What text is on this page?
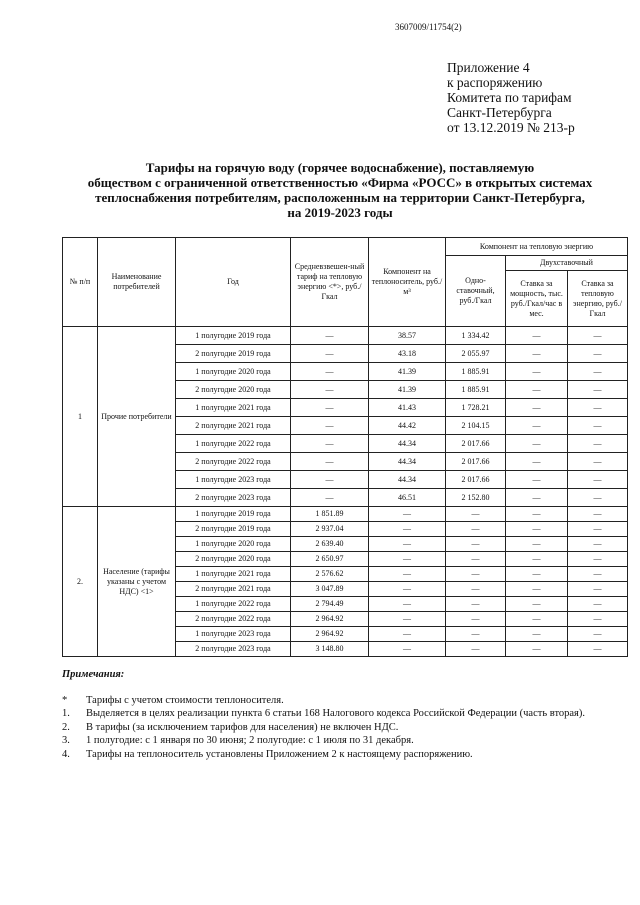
3607009/11754(2)
Приложение 4
к распоряжению
Комитета по тарифам
Санкт-Петербурга
от 13.12.2019 № 213-р
Тарифы на горячую воду (горячее водоснабжение), поставляемую
обществом с ограниченной ответственностью «Фирма «РОСС» в открытых системах
теплоснабжения потребителям, расположенным на территории Санкт-Петербурга,
на 2019-2023 годы
№ п/п	Наименование потребителей	Год	Средневзвешен-ный тариф на тепловую энергию <*>, руб./Гкал	Компонент на теплоноситель, руб./м³	Компонент на тепловую энергию		
					Одно-ставочный, руб./Гкал	Двухставочный	
						Ставка за мощность, тыс. руб./Гкал/час в мес.	Ставка за тепловую энергию, руб./Гкал
1	Прочие потребители	1 полугодие 2019 года	—	38.57	1 334.42	—	—
		2 полугодие 2019 года	—	43.18	2 055.97	—	—
		1 полугодие 2020 года	—	41.39	1 885.91	—	—
		2 полугодие 2020 года	—	41.39	1 885.91	—	—
		1 полугодие 2021 года	—	41.43	1 728.21	—	—
		2 полугодие 2021 года	—	44.42	2 104.15	—	—
		1 полугодие 2022 года	—	44.34	2 017.66	—	—
		2 полугодие 2022 года	—	44.34	2 017.66	—	—
		1 полугодие 2023 года	—	44.34	2 017.66	—	—
		2 полугодие 2023 года	—	46.51	2 152.80	—	—
2.	Население (тарифы указаны с учетом НДС) <1>	1 полугодие 2019 года	1 851.89	—	—	—	—
		2 полугодие 2019 года	2 937.04	—	—	—	—
		1 полугодие 2020 года	2 639.40	—	—	—	—
		2 полугодие 2020 года	2 650.97	—	—	—	—
		1 полугодие 2021 года	2 576.62	—	—	—	—
		2 полугодие 2021 года	3 047.89	—	—	—	—
		1 полугодие 2022 года	2 794.49	—	—	—	—
		2 полугодие 2022 года	2 964.92	—	—	—	—
		1 полугодие 2023 года	2 964.92	—	—	—	—
		2 полугодие 2023 года	3 148.80	—	—	—	—
Примечания:
*	Тарифы с учетом стоимости теплоносителя.
1.	Выделяется в целях реализации пункта 6 статьи 168 Налогового кодекса Российской Федерации (часть вторая).
2.	В тарифы (за исключением тарифов для населения) не включен НДС.
3.	1 полугодие: с 1 января по 30 июня; 2 полугодие: с 1 июля по 31 декабря.
4.	Тарифы на теплоноситель установлены Приложением 2 к настоящему распоряжению.
